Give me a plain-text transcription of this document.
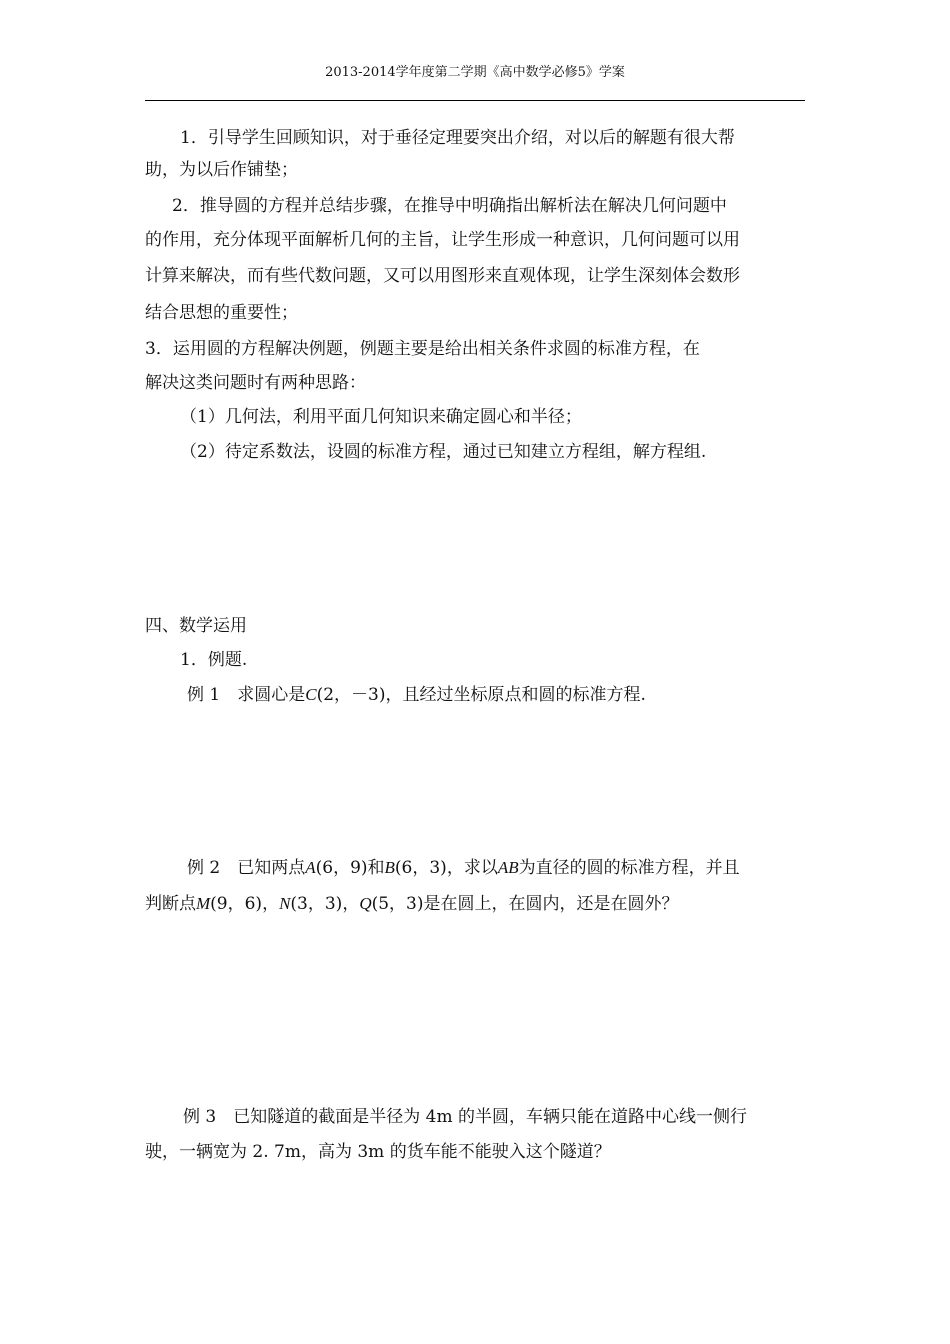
2013-2014学年度第二学期《高中数学必修5》学案
1．引导学生回顾知识，对于垂径定理要突出介绍，对以后的解题有很大帮
助，为以后作铺垫；
2．推导圆的方程并总结步骤，在推导中明确指出解析法在解决几何问题中
的作用，充分体现平面解析几何的主旨，让学生形成一种意识，几何问题可以用
计算来解决，而有些代数问题，又可以用图形来直观体现，让学生深刻体会数形
结合思想的重要性；
3．运用圆的方程解决例题，例题主要是给出相关条件求圆的标准方程，在
解决这类问题时有两种思路：
（1）几何法，利用平面几何知识来确定圆心和半径；
（2）待定系数法，设圆的标准方程，通过已知建立方程组，解方程组.
四、数学运用
1．例题.
例 1  求圆心是C(2，－3)，且经过坐标原点和圆的标准方程.
例 2  已知两点A(6，9)和B(6，3)，求以AB为直径的圆的标准方程，并且
判断点M(9，6)，N(3，3)，Q(5，3)是在圆上，在圆内，还是在圆外？
例 3  已知隧道的截面是半径为 4m 的半圆，车辆只能在道路中心线一侧行
驶，一辆宽为 2. 7m，高为 3m 的货车能不能驶入这个隧道？
